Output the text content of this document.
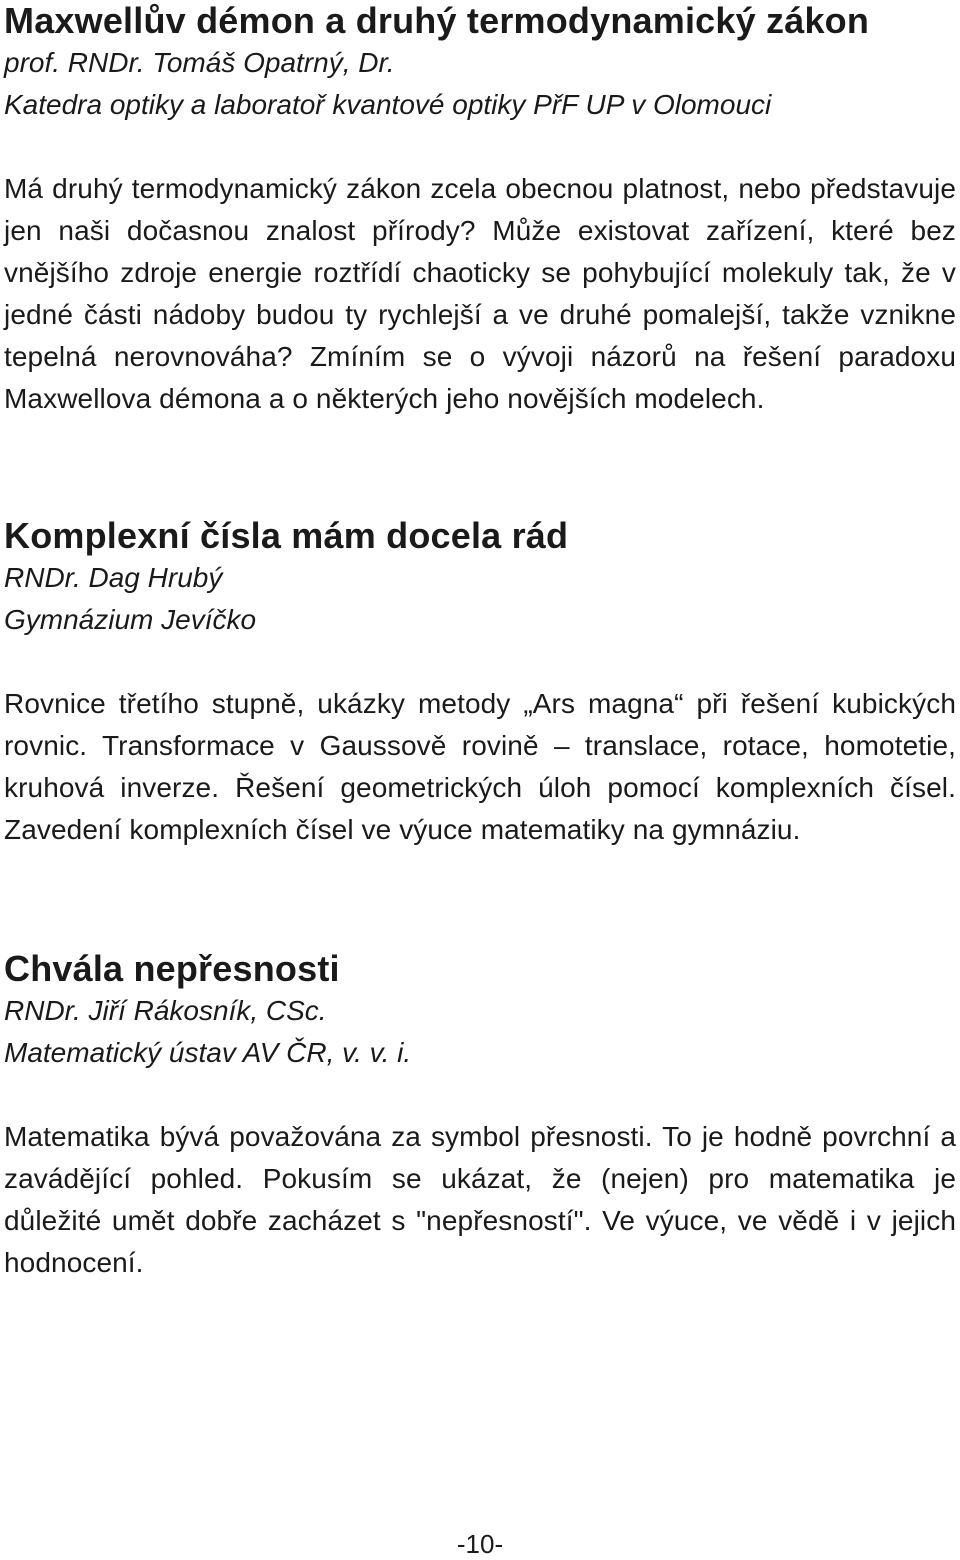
Maxwellův démon a druhý termodynamický zákon

prof. RNDr. Tomáš Opatrný, Dr.

Katedra optiky a laboratoř kvantové optiky PřF UP v Olomouci

Má druhý termodynamický zákon zcela obecnou platnost, nebo představuje jen naši dočasnou znalost přírody? Může existovat zařízení, které bez vnějšího zdroje energie roztřídí chaoticky se pohybující molekuly tak, že v jedné části nádoby budou ty rychlejší a ve druhé pomalejší, takže vznikne tepelná nerovnováha? Zmíním se o vývoji názorů na řešení paradoxu Maxwellova démona a o některých jeho novějších modelech.

Komplexní čísla mám docela rád

RNDr. Dag Hrubý

Gymnázium Jevíčko

Rovnice třetího stupně, ukázky metody „Ars magna“ při řešení kubických rovnic. Transformace v Gaussově rovině – translace, rotace, homotetie, kruhová inverze. Řešení geometrických úloh pomocí komplexních čísel. Zavedení komplexních čísel ve výuce matematiky na gymnáziu.

Chvála nepřesnosti

RNDr. Jiří Rákosník, CSc.

Matematický ústav AV ČR, v. v. i.

Matematika bývá považována za symbol přesnosti. To je hodně povrchní a zavádějící pohled. Pokusím se ukázat, že (nejen) pro matematika je důležité umět dobře zacházet s "nepřesností". Ve výuce, ve vědě i v jejich hodnocení.

-10-
